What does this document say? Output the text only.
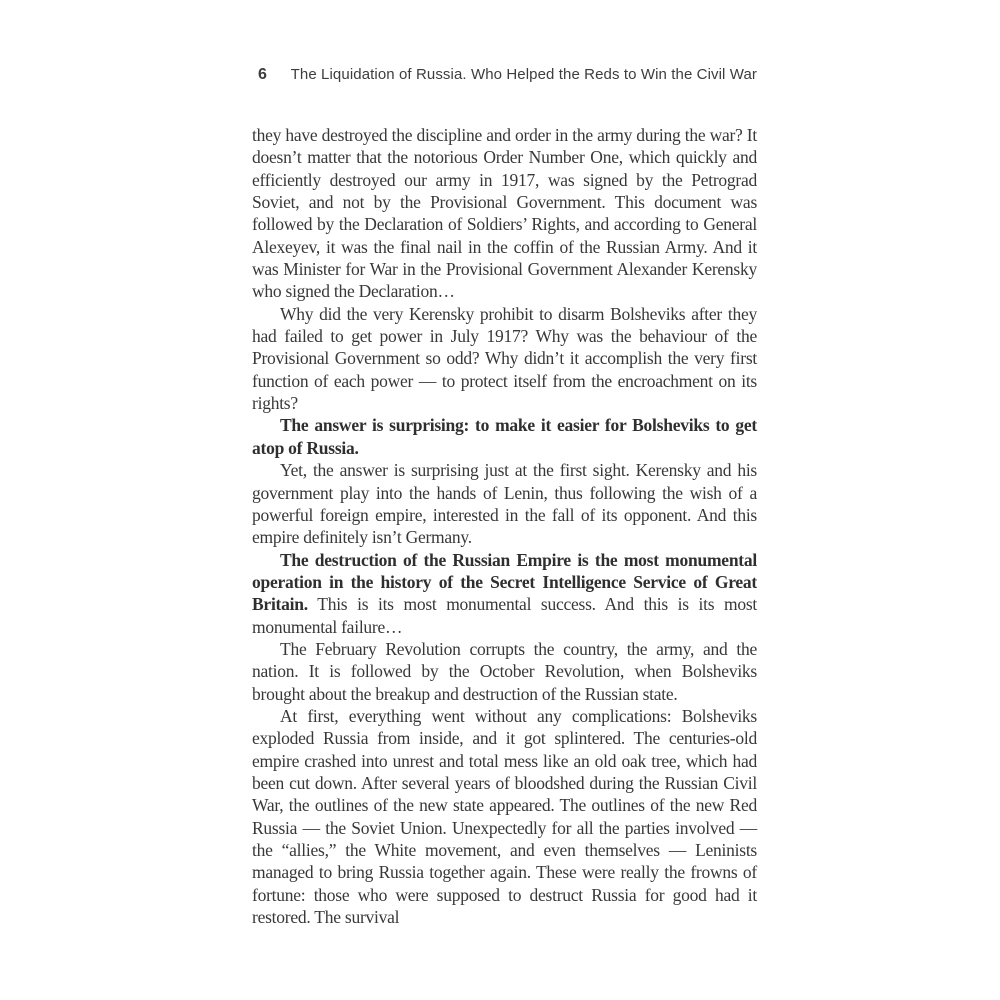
6 The Liquidation of Russia. Who Helped the Reds to Win the Civil War

they have destroyed the discipline and order in the army during the war? It doesn’t matter that the notorious Order Number One, which quickly and efficiently destroyed our army in 1917, was signed by the Petrograd Soviet, and not by the Provisional Government. This document was followed by the Declaration of Soldiers’ Rights, and according to General Alexeyev, it was the final nail in the coffin of the Russian Army. And it was Minister for War in the Provisional Government Alexander Kerensky who signed the Declaration…

Why did the very Kerensky prohibit to disarm Bolsheviks after they had failed to get power in July 1917? Why was the behaviour of the Provisional Government so odd? Why didn’t it accomplish the very first function of each power — to protect itself from the encroachment on its rights?

The answer is surprising: to make it easier for Bolsheviks to get atop of Russia.

Yet, the answer is surprising just at the first sight. Kerensky and his government play into the hands of Lenin, thus following the wish of a powerful foreign empire, interested in the fall of its opponent. And this empire definitely isn’t Germany.

The destruction of the Russian Empire is the most monumental operation in the history of the Secret Intelligence Service of Great Britain. This is its most monumental success. And this is its most monumental failure…

The February Revolution corrupts the country, the army, and the nation. It is followed by the October Revolution, when Bolsheviks brought about the breakup and destruction of the Russian state.

At first, everything went without any complications: Bolsheviks exploded Russia from inside, and it got splintered. The centuries-old empire crashed into unrest and total mess like an old oak tree, which had been cut down. After several years of bloodshed during the Russian Civil War, the outlines of the new state appeared. The outlines of the new Red Russia — the Soviet Union. Unexpectedly for all the parties involved — the “allies,” the White movement, and even themselves — Leninists managed to bring Russia together again. These were really the frowns of fortune: those who were supposed to destruct Russia for good had it restored. The survival
